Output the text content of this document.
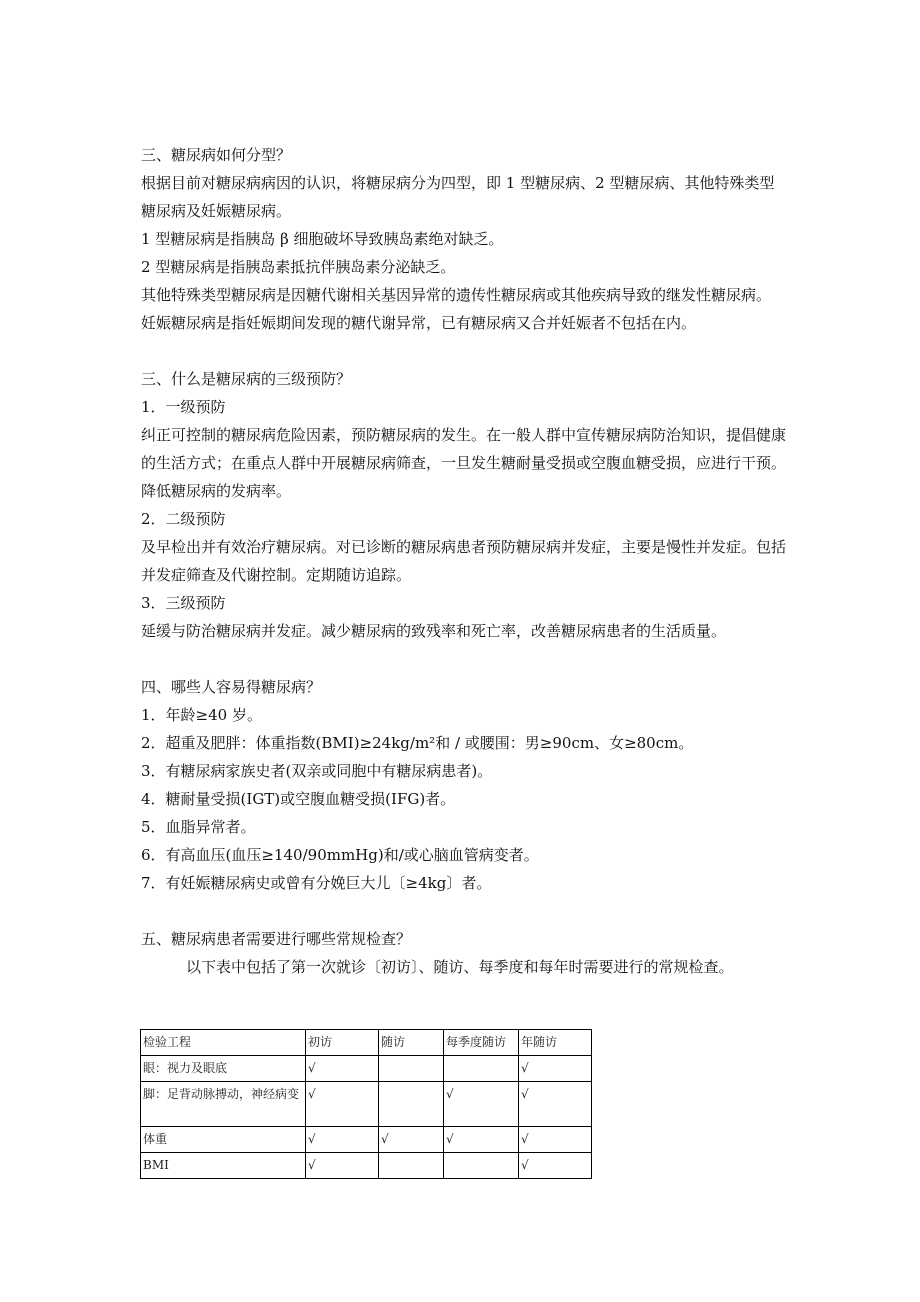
三、糖尿病如何分型？

根据目前对糖尿病病因的认识，将糖尿病分为四型，即 1 型糖尿病、2 型糖尿病、其他特殊类型糖尿病及妊娠糖尿病。

1 型糖尿病是指胰岛 β 细胞破坏导致胰岛素绝对缺乏。

2 型糖尿病是指胰岛素抵抗伴胰岛素分泌缺乏。

其他特殊类型糖尿病是因糖代谢相关基因异常的遗传性糖尿病或其他疾病导致的继发性糖尿病。

妊娠糖尿病是指妊娠期间发现的糖代谢异常，已有糖尿病又合并妊娠者不包括在内。

三、什么是糖尿病的三级预防？

1．一级预防

纠正可控制的糖尿病危险因素，预防糖尿病的发生。在一般人群中宣传糖尿病防治知识，提倡健康的生活方式；在重点人群中开展糖尿病筛查，一旦发生糖耐量受损或空腹血糖受损，应进行干预。降低糖尿病的发病率。

2．二级预防

及早检出并有效治疗糖尿病。对已诊断的糖尿病患者预防糖尿病并发症，主要是慢性并发症。包括并发症筛查及代谢控制。定期随访追踪。

3．三级预防

延缓与防治糖尿病并发症。减少糖尿病的致残率和死亡率，改善糖尿病患者的生活质量。

四、哪些人容易得糖尿病？

1．年龄≥40 岁。

2．超重及肥胖：体重指数(BMI)≥24kg/m²和 / 或腰围：男≥90cm、女≥80cm。

3．有糖尿病家族史者(双亲或同胞中有糖尿病患者)。

4．糖耐量受损(IGT)或空腹血糖受损(IFG)者。

5．血脂异常者。

6．有高血压(血压≥140/90mmHg)和/或心脑血管病变者。

7．有妊娠糖尿病史或曾有分娩巨大儿〔≥4kg〕者。

五、糖尿病患者需要进行哪些常规检查？

以下表中包括了第一次就诊〔初访〕、随访、每季度和每年时需要进行的常规检查。

检验工程	初访	随访	每季度随访	年随访
眼：视力及眼底	√			√
脚：足背动脉搏动，神经病变	√		√	√
体重	√	√	√	√
BMI	√			√
